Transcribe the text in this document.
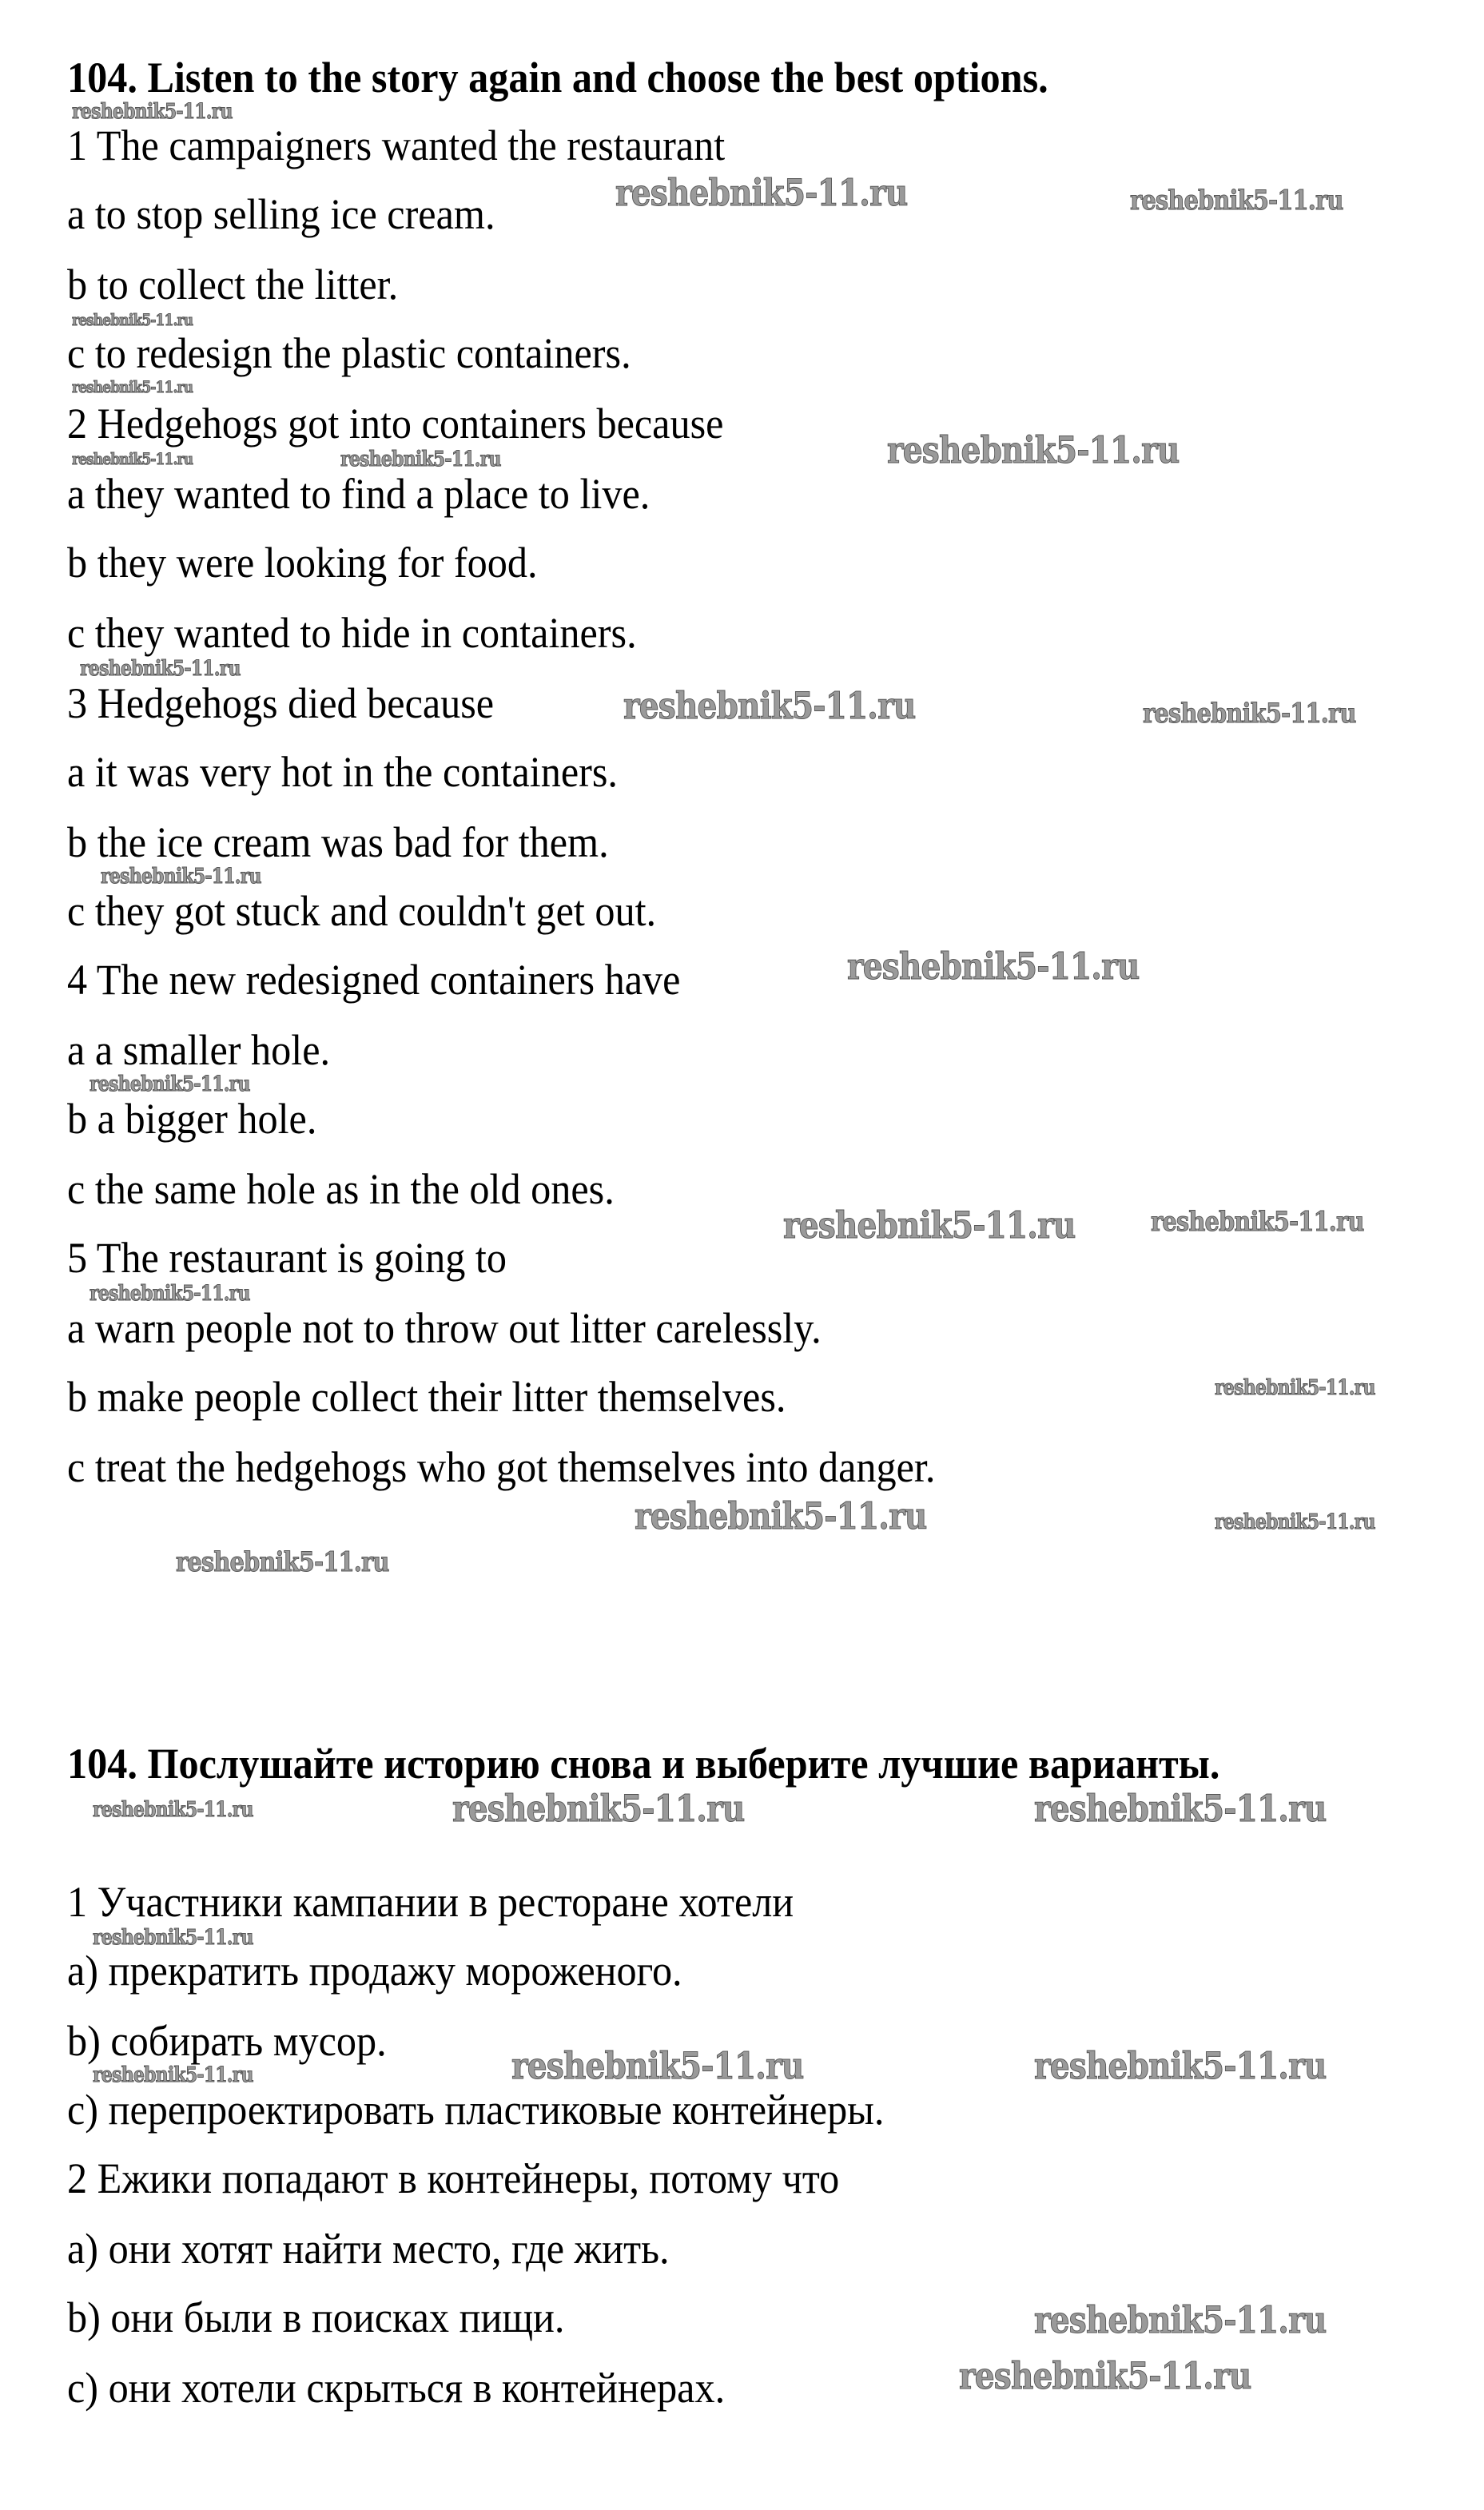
reshebnik5-11.ru
reshebnik5-11.ru	reshebnik5-11.ru
reshebnik5-11.ru
reshebnik5-11.ru
reshebnik5-11.ru	reshebnik5-11.ru	reshebnik5-11.ru
reshebnik5-11.ru
reshebnik5-11.ru	reshebnik5-11.ru
reshebnik5-11.ru
reshebnik5-11.ru
reshebnik5-11.ru
reshebnik5-11.ru	reshebnik5-11.ru
reshebnik5-11.ru
reshebnik5-11.ru
reshebnik5-11.ru	reshebnik5-11.ru
reshebnik5-11.ru
reshebnik5-11.ru	reshebnik5-11.ru	reshebnik5-11.ru
reshebnik5-11.ru
reshebnik5-11.ru	reshebnik5-11.ru
reshebnik5-11.ru
reshebnik5-11.ru
reshebnik5-11.ru
104. Listen to the story again and choose the best options.
1 The campaigners wanted the restaurant
a to stop selling ice cream.
b to collect the litter.
c to redesign the plastic containers.
2 Hedgehogs got into containers because
a they wanted to find a place to live.
b they were looking for food.
c they wanted to hide in containers.
3 Hedgehogs died because
a it was very hot in the containers.
b the ice cream was bad for them.
c they got stuck and couldn't get out.
4 The new redesigned containers have
a a smaller hole.
b a bigger hole.
c the same hole as in the old ones.
5 The restaurant is going to
a warn people not to throw out litter carelessly.
b make people collect their litter themselves.
c treat the hedgehogs who got themselves into danger.
104. Послушайте историю снова и выберите лучшие варианты.
1 Участники кампании в ресторане хотели
a) прекратить продажу мороженого.
b) собирать мусор.
c) перепроектировать пластиковые контейнеры.
2 Ежики попадают в контейнеры, потому что
a) они хотят найти место, где жить.
b) они были в поисках пищи.
c) они хотели скрыться в контейнерах.
